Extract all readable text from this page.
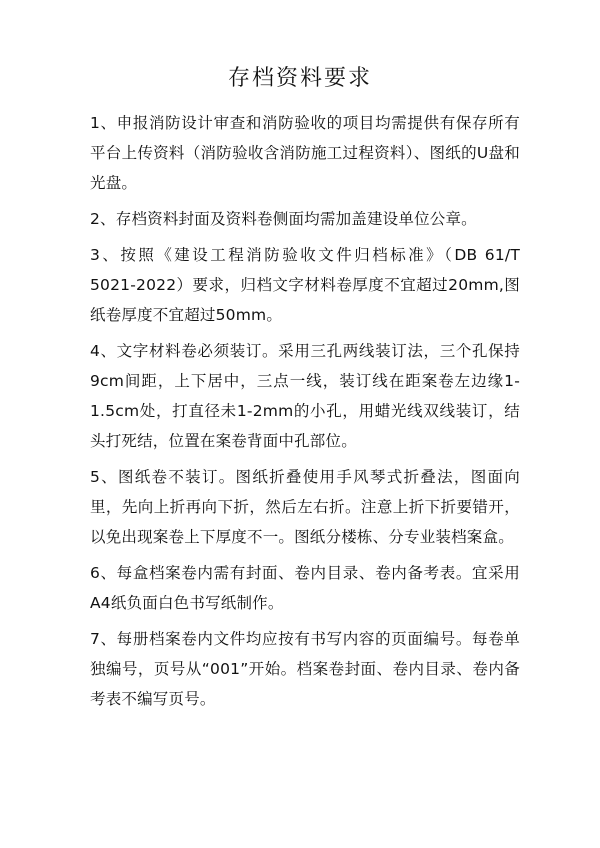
存档资料要求

1、申报消防设计审查和消防验收的项目均需提供有保存所有平台上传资料（消防验收含消防施工过程资料）、图纸的U盘和光盘。

2、存档资料封面及资料卷侧面均需加盖建设单位公章。

3、按照《建设工程消防验收文件归档标准》（DB 61/T 5021-2022）要求，归档文字材料卷厚度不宜超过20mm,图纸卷厚度不宜超过50mm。

4、文字材料卷必须装订。采用三孔两线装订法，三个孔保持9cm间距，上下居中，三点一线，装订线在距案卷左边缘1-1.5cm处，打直径未1-2mm的小孔，用蜡光线双线装订，结头打死结，位置在案卷背面中孔部位。

5、图纸卷不装订。图纸折叠使用手风琴式折叠法，图面向里，先向上折再向下折，然后左右折。注意上折下折要错开，以免出现案卷上下厚度不一。图纸分楼栋、分专业装档案盒。

6、每盒档案卷内需有封面、卷内目录、卷内备考表。宜采用A4纸负面白色书写纸制作。

7、每册档案卷内文件均应按有书写内容的页面编号。每卷单独编号，页号从“001”开始。档案卷封面、卷内目录、卷内备考表不编写页号。
